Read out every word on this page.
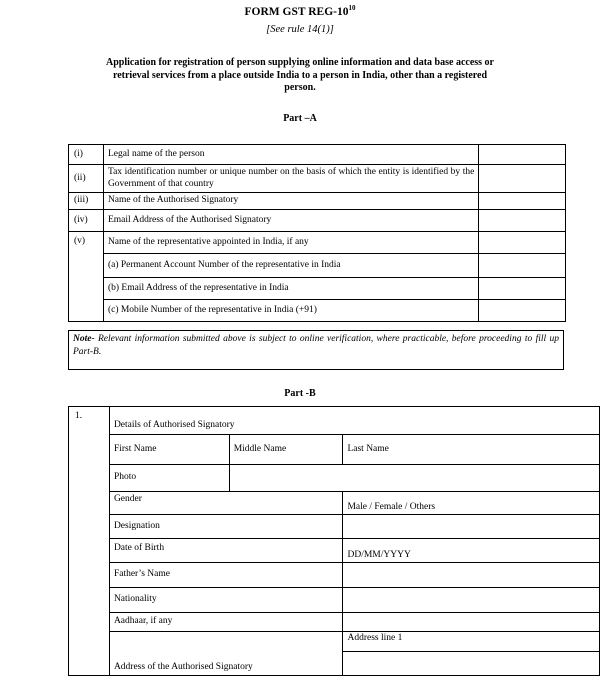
FORM GST REG-$10^{10}$
[See rule 14(1)]
Application for registration of person supplying online information and data base access or retrieval services from a place outside India to a person in India, other than a registered person.
Part –A
(i)	Legal name of the person	
(ii)	Tax identification number or unique number on the basis of which the entity is identified by the Government of that country	
(iii)	Name of the Authorised Signatory	
(iv)	Email Address of the Authorised Signatory	
(v)	Name of the representative appointed in India, if any	
	(a) Permanent Account Number of the representative in India	
	(b) Email Address of the representative in India	
	(c) Mobile Number of the representative in India (+91)	
Note- Relevant information submitted above is subject to online verification, where practicable, before proceeding to fill up Part-B.
Part -B
1.	Details of Authorised Signatory		
	First Name	Middle Name	Last Name
	Photo		
	Gender		Male / Female / Others
	Designation		
	Date of Birth		DD/MM/YYYY
	Father’s Name		
	Nationality		
	Aadhaar, if any		
	Address of the Authorised Signatory		Address line 1
